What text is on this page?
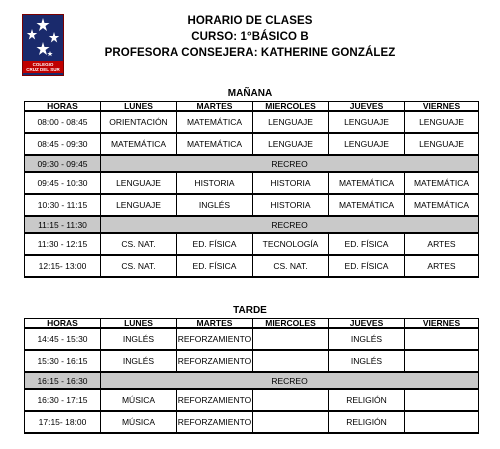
COLEGIO
CRUZ DEL SUR
HORARIO DE CLASES
CURSO: 1°BÁSICO B
PROFESORA CONSEJERA: KATHERINE GONZÁLEZ
MAÑANA
HORAS	LUNES	MARTES	MIERCOLES	JUEVES	VIERNES
08:00 - 08:45	ORIENTACIÓN	MATEMÁTICA	LENGUAJE	LENGUAJE	LENGUAJE
08:45 - 09:30	MATEMÁTICA	MATEMÁTICA	LENGUAJE	LENGUAJE	LENGUAJE
09:30 - 09:45	RECREO				
09:45 - 10:30	LENGUAJE	HISTORIA	HISTORIA	MATEMÁTICA	MATEMÁTICA
10:30 - 11:15	LENGUAJE	INGLÉS	HISTORIA	MATEMÁTICA	MATEMÁTICA
11:15 - 11:30	RECREO				
11:30 - 12:15	CS. NAT.	ED. FÍSICA	TECNOLOGÍA	ED. FÍSICA	ARTES
12:15- 13:00	CS. NAT.	ED. FÍSICA	CS. NAT.	ED. FÍSICA	ARTES
TARDE
HORAS	LUNES	MARTES	MIERCOLES	JUEVES	VIERNES
14:45 - 15:30	INGLÉS	REFORZAMIENTO		INGLÉS	
15:30 - 16:15	INGLÉS	REFORZAMIENTO		INGLÉS	
16:15 - 16:30	RECREO				
16:30 - 17:15	MÚSICA	REFORZAMIENTO		RELIGIÓN	
17:15- 18:00	MÚSICA	REFORZAMIENTO		RELIGIÓN	
